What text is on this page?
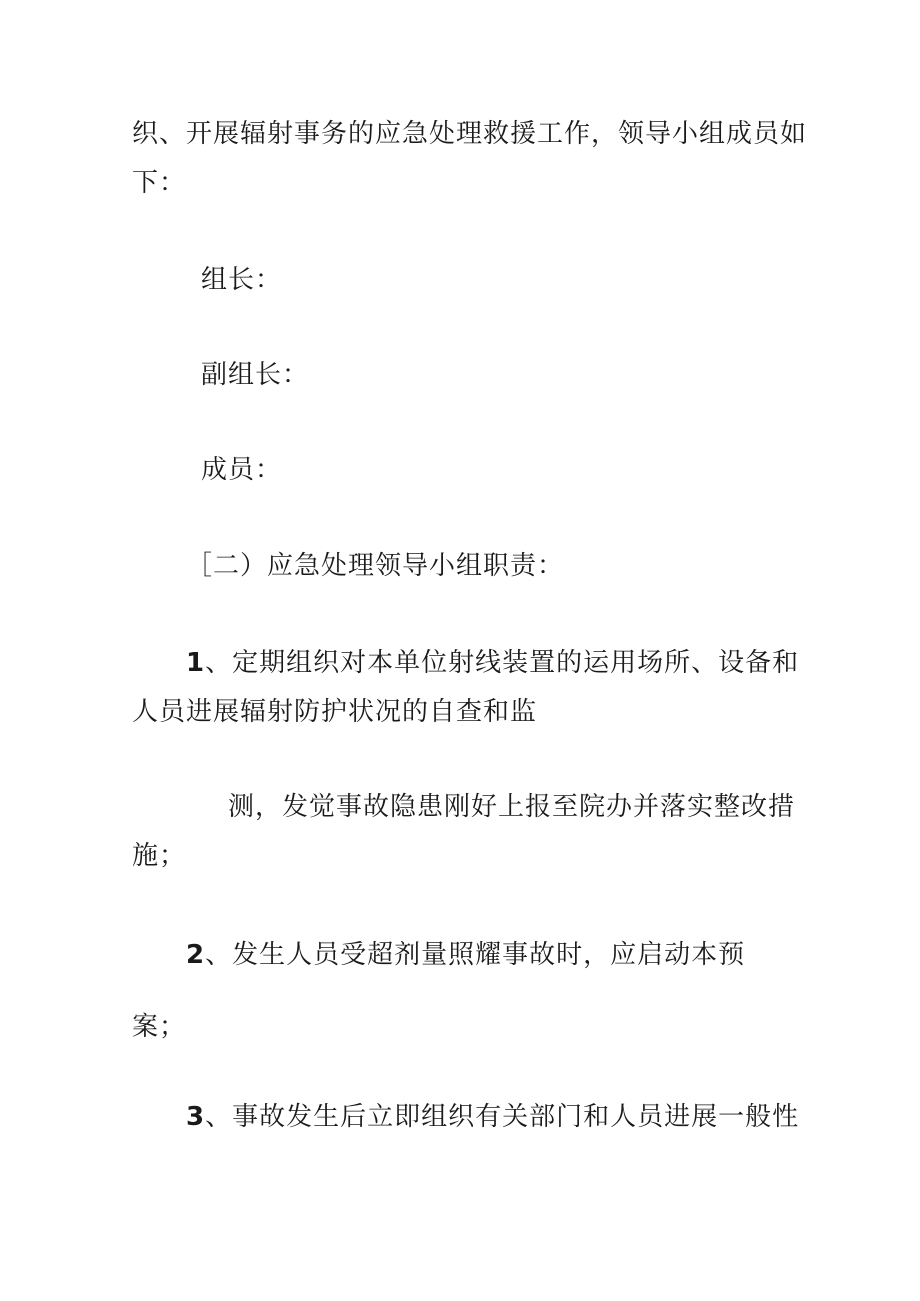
织、开展辐射事务的应急处理救援工作，领导小组成员如
下：
组长：
副组长：
成员：
［二）应急处理领导小组职责：
1、定期组织对本单位射线装置的运用场所、设备和
人员进展辐射防护状况的自查和监
测，发觉事故隐患刚好上报至院办并落实整改措
施；
2、发生人员受超剂量照耀事故时，应启动本预
案；
3、事故发生后立即组织有关部门和人员进展一般性
